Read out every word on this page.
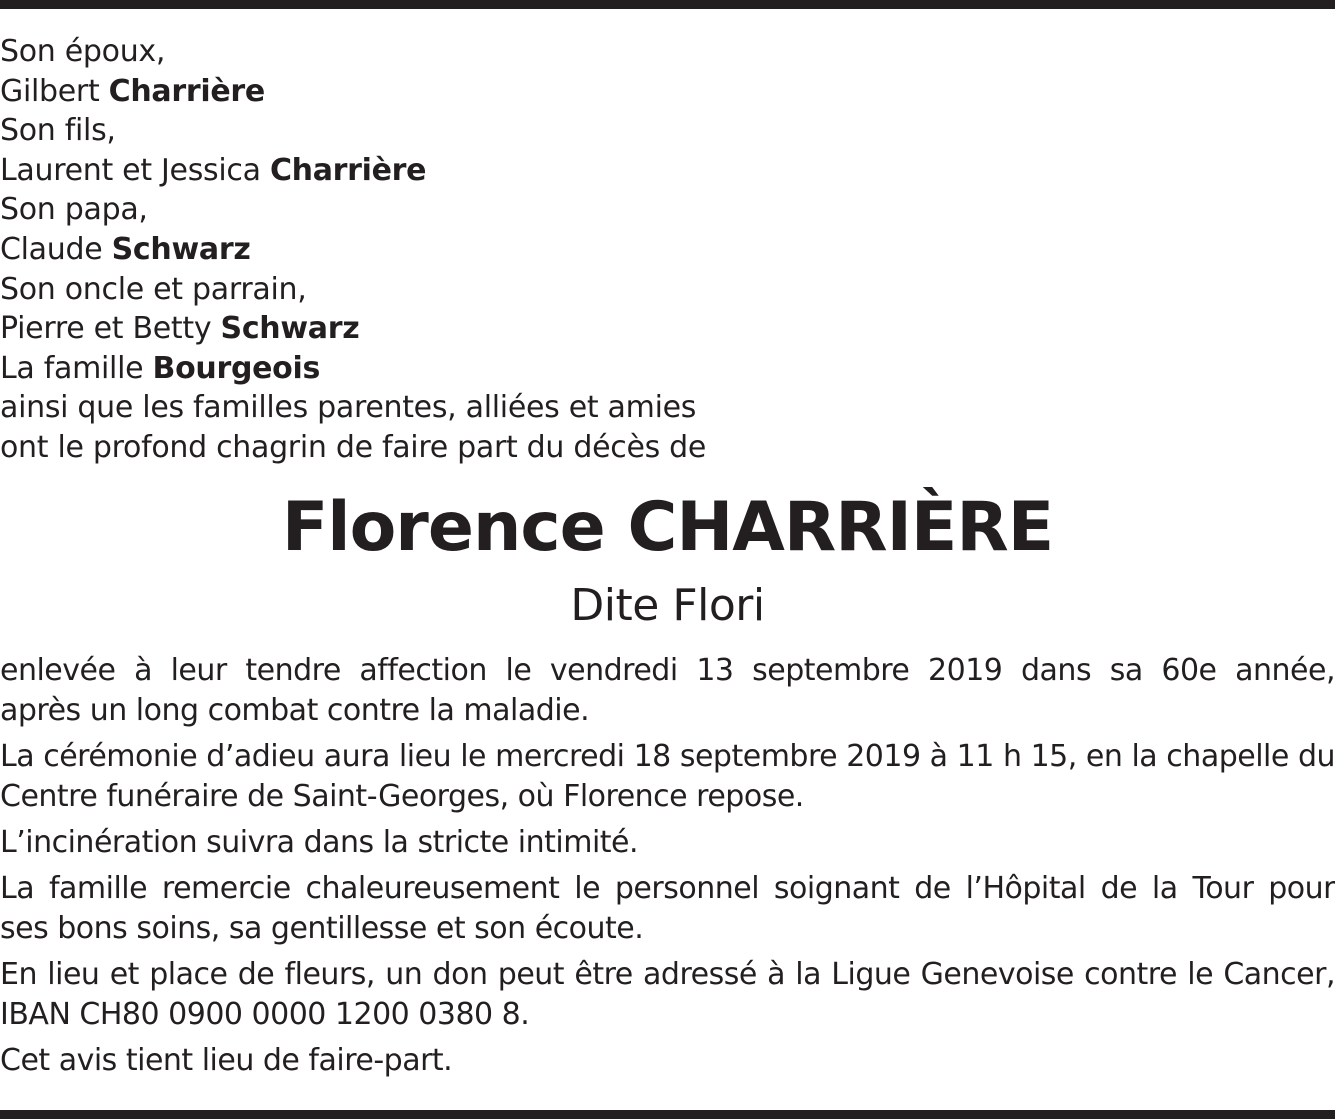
Son époux,
Gilbert Charrière
Son fils,
Laurent et Jessica Charrière
Son papa,
Claude Schwarz
Son oncle et parrain,
Pierre et Betty Schwarz
La famille Bourgeois
ainsi que les familles parentes, alliées et amies
ont le profond chagrin de faire part du décès de
Florence CHARRIÈRE
Dite Flori
enlevée à leur tendre affection le vendredi 13 septembre 2019 dans sa 60e année,
après un long combat contre la maladie.
La cérémonie d’adieu aura lieu le mercredi 18 septembre 2019 à 11 h 15, en la chapelle du
Centre funéraire de Saint-Georges, où Florence repose.
L’incinération suivra dans la stricte intimité.
La famille remercie chaleureusement le personnel soignant de l’Hôpital de la Tour pour
ses bons soins, sa gentillesse et son écoute.
En lieu et place de fleurs, un don peut être adressé à la Ligue Genevoise contre le Cancer,
IBAN CH80 0900 0000 1200 0380 8.
Cet avis tient lieu de faire-part.
